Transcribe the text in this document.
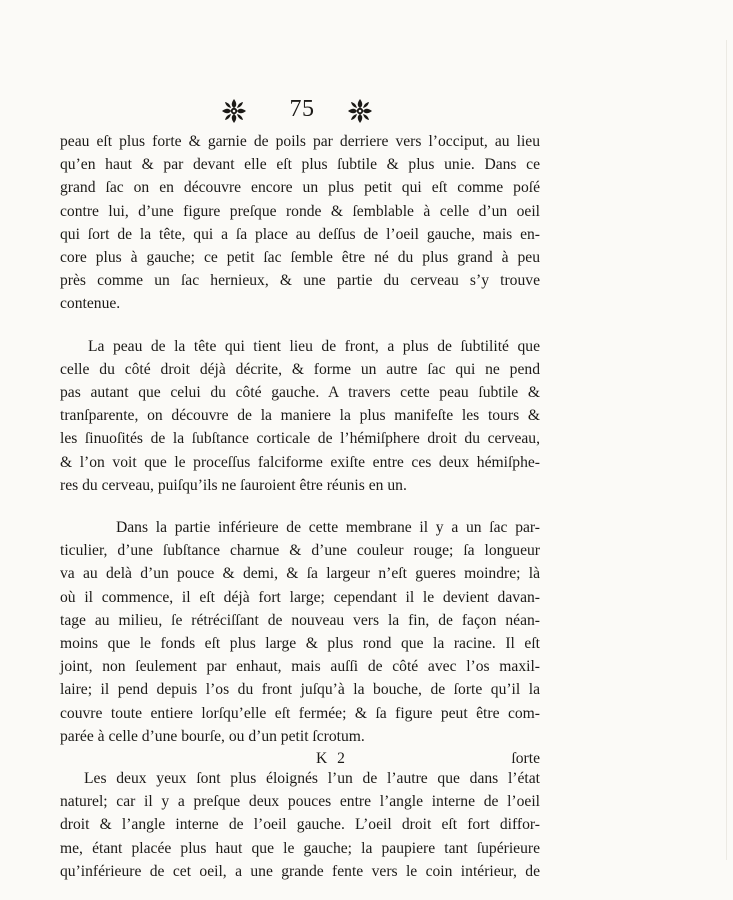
75
peau eſt plus forte & garnie de poils par derriere vers l’occiput, au lieu
qu’en haut & par devant elle eſt plus ſubtile & plus unie. Dans ce
grand ſac on en découvre encore un plus petit qui eſt comme poſé
contre lui, d’une figure preſque ronde & ſemblable à celle d’un oeil
qui ſort de la tête, qui a ſa place au deſſus de l’oeil gauche, mais en-
core plus à gauche; ce petit ſac ſemble être né du plus grand à peu
près comme un ſac hernieux, & une partie du cerveau s’y trouve
contenue.
La peau de la tête qui tient lieu de front, a plus de ſubtilité que
celle du côté droit déjà décrite, & forme un autre ſac qui ne pend
pas autant que celui du côté gauche. A travers cette peau ſubtile &
tranſparente, on découvre de la maniere la plus manifeſte les tours &
les ſinuoſités de la ſubſtance corticale de l’hémiſphere droit du cerveau,
& l’on voit que le proceſſus falciforme exiſte entre ces deux hémiſphe-
res du cerveau, puiſqu’ils ne ſauroient être réunis en un.
Dans la partie inférieure de cette membrane il y a un ſac par-
ticulier, d’une ſubſtance charnue & d’une couleur rouge; ſa longueur
va au delà d’un pouce & demi, & ſa largeur n’eſt gueres moindre; là
où il commence, il eſt déjà fort large; cependant il le devient davan-
tage au milieu, ſe rétréciſſant de nouveau vers la fin, de façon néan-
moins que le fonds eſt plus large & plus rond que la racine. Il eſt
joint, non ſeulement par enhaut, mais auſſi de côté avec l’os maxil-
laire; il pend depuis l’os du front juſqu’à la bouche, de ſorte qu’il la
couvre toute entiere lorſqu’elle eſt fermée; & ſa figure peut être com-
parée à celle d’une bourſe, ou d’un petit ſcrotum.
Les deux yeux ſont plus éloignés l’un de l’autre que dans l’état
naturel; car il y a preſque deux pouces entre l’angle interne de l’oeil
droit & l’angle interne de l’oeil gauche. L’oeil droit eſt fort diffor-
me, étant placée plus haut que le gauche; la paupiere tant ſupérieure
qu’inférieure de cet oeil, a une grande fente vers le coin intérieur, de
K 2	ſorte
